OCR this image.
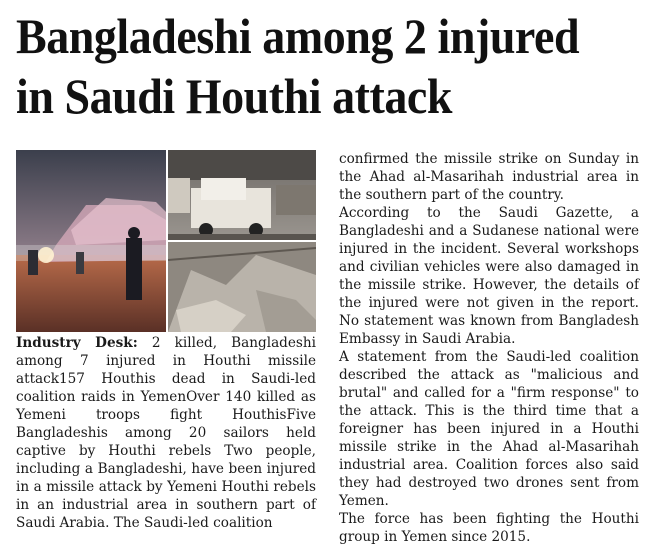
Bangladeshi among 2 injured in Saudi Houthi attack

Industry Desk: 2 killed, Bangladeshi among 7 injured in Houthi missile attack157 Houthis dead in Saudi-led coalition raids in YemenOver 140 killed as Yemeni troops fight HouthisFive Bangladeshis among 20 sailors held captive by Houthi rebels Two people, including a Bangladeshi, have been injured in a missile attack by Yemeni Houthi rebels in an industrial area in southern part of Saudi Arabia. The Saudi-led coalition

confirmed the missile strike on Sunday in the Ahad al-Masarihah industrial area in the southern part of the country.

According to the Saudi Gazette, a Bangladeshi and a Sudanese national were injured in the incident. Several workshops and civilian vehicles were also damaged in the missile strike. However, the details of the injured were not given in the report. No statement was known from Bangladesh Embassy in Saudi Arabia.

A statement from the Saudi-led coalition described the attack as "malicious and brutal" and called for a "firm response" to the attack. This is the third time that a foreigner has been injured in a Houthi missile strike in the Ahad al-Masarihah industrial area. Coalition forces also said they had destroyed two drones sent from Yemen.

The force has been fighting the Houthi group in Yemen since 2015.
